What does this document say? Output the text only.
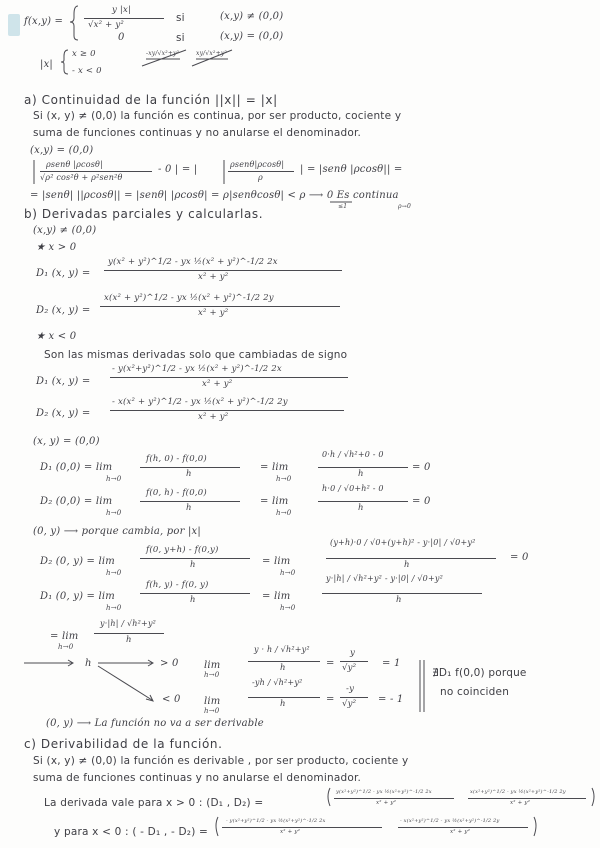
f(x,y) =
y |x|
√x² + y²
si	(x,y) ≠ (0,0)
0	si	(x,y) = (0,0)
|x|
x ≥ 0
- x < 0
-xy/√x²+y²	xy/√x²+y²
a) Continuidad de la función ||x|| = |x|
Si (x, y) ≠ (0,0) la función es continua, por ser producto, cociente y
suma de funciones continuas y no anularse el denominador.
(x,y) = (0,0)
ρsenθ |ρcosθ|
√ρ² cos²θ + ρ²sen²θ
- 0 | = |	ρsenθ|ρcosθ|
ρ
| = |senθ |ρcosθ|| =
= |senθ| ||ρcosθ|| = |senθ| |ρcosθ| = ρ|senθcosθ| < ρ ⟶ 0 Es continua
≤1	ρ→0
b) Derivadas parciales y calcularlas.
(x,y) ≠ (0,0)
★ x > 0
D₁ (x, y) =
y(x² + y²)^1/2 - yx ½(x² + y²)^-1/2 2x
x² + y²
D₂ (x, y) =
x(x² + y²)^1/2 - yx ½(x² + y²)^-1/2 2y
x² + y²
★ x < 0
Son las mismas derivadas solo que cambiadas de signo
D₁ (x, y) =
- y(x²+y²)^1/2 - yx ½(x² + y²)^-1/2 2x
x² + y²
D₂ (x, y) =
- x(x² + y²)^1/2 - yx ½(x² + y²)^-1/2 2y
x² + y²
(x, y) = (0,0)
D₁ (0,0) = lim
h→0
f(h, 0) - f(0,0)
h
= lim
h→0
0·h / √h²+0 - 0
h
= 0
D₂ (0,0) = lim
h→0
f(0, h) - f(0,0)
h
= lim
h→0
h·0 / √0+h² - 0
h
= 0
(0, y) ⟶ porque cambia, por |x|
D₂ (0, y) = lim
h→0
f(0, y+h) - f(0,y)
h	= lim
h→0
(y+h)·0 / √0+(y+h)² - y·|0| / √0+y²
h
= 0
D₁ (0, y) = lim
h→0
f(h, y) - f(0, y)
h	= lim
h→0
y·|h| / √h²+y² - y·|0| / √0+y²
h
= lim
h→0
y·|h| / √h²+y²
h
h	> 0
< 0
lim
h→0
y · h / √h²+y²
h	=
y
√y²	= 1
lim
h→0
-yh / √h²+y²
h	=
-y
√y² = - 1
∄D₁ f(0,0) porque
no coinciden
(0, y) ⟶ La función no va a ser derivable
c) Derivabilidad de la función.
Si (x, y) ≠ (0,0) la función es derivable , por ser producto, cociente y
suma de funciones continuas y no anularse el denominador.
La derivada vale para x > 0 : (D₁ , D₂) =
y(x²+y²)^1/2 - yx ½(x²+y²)^-1/2 2x	x(x²+y²)^1/2 - yx ½(x²+y²)^-1/2 2y
x² + y²	x² + y²
y para x < 0 : ( - D₁ , - D₂) =
- y(x²+y²)^1/2 - yx ½(x²+y²)^-1/2 2x	- x(x²+y²)^1/2 - yx ½(x²+y²)^-1/2 2y
x² + y²	x² + y²
